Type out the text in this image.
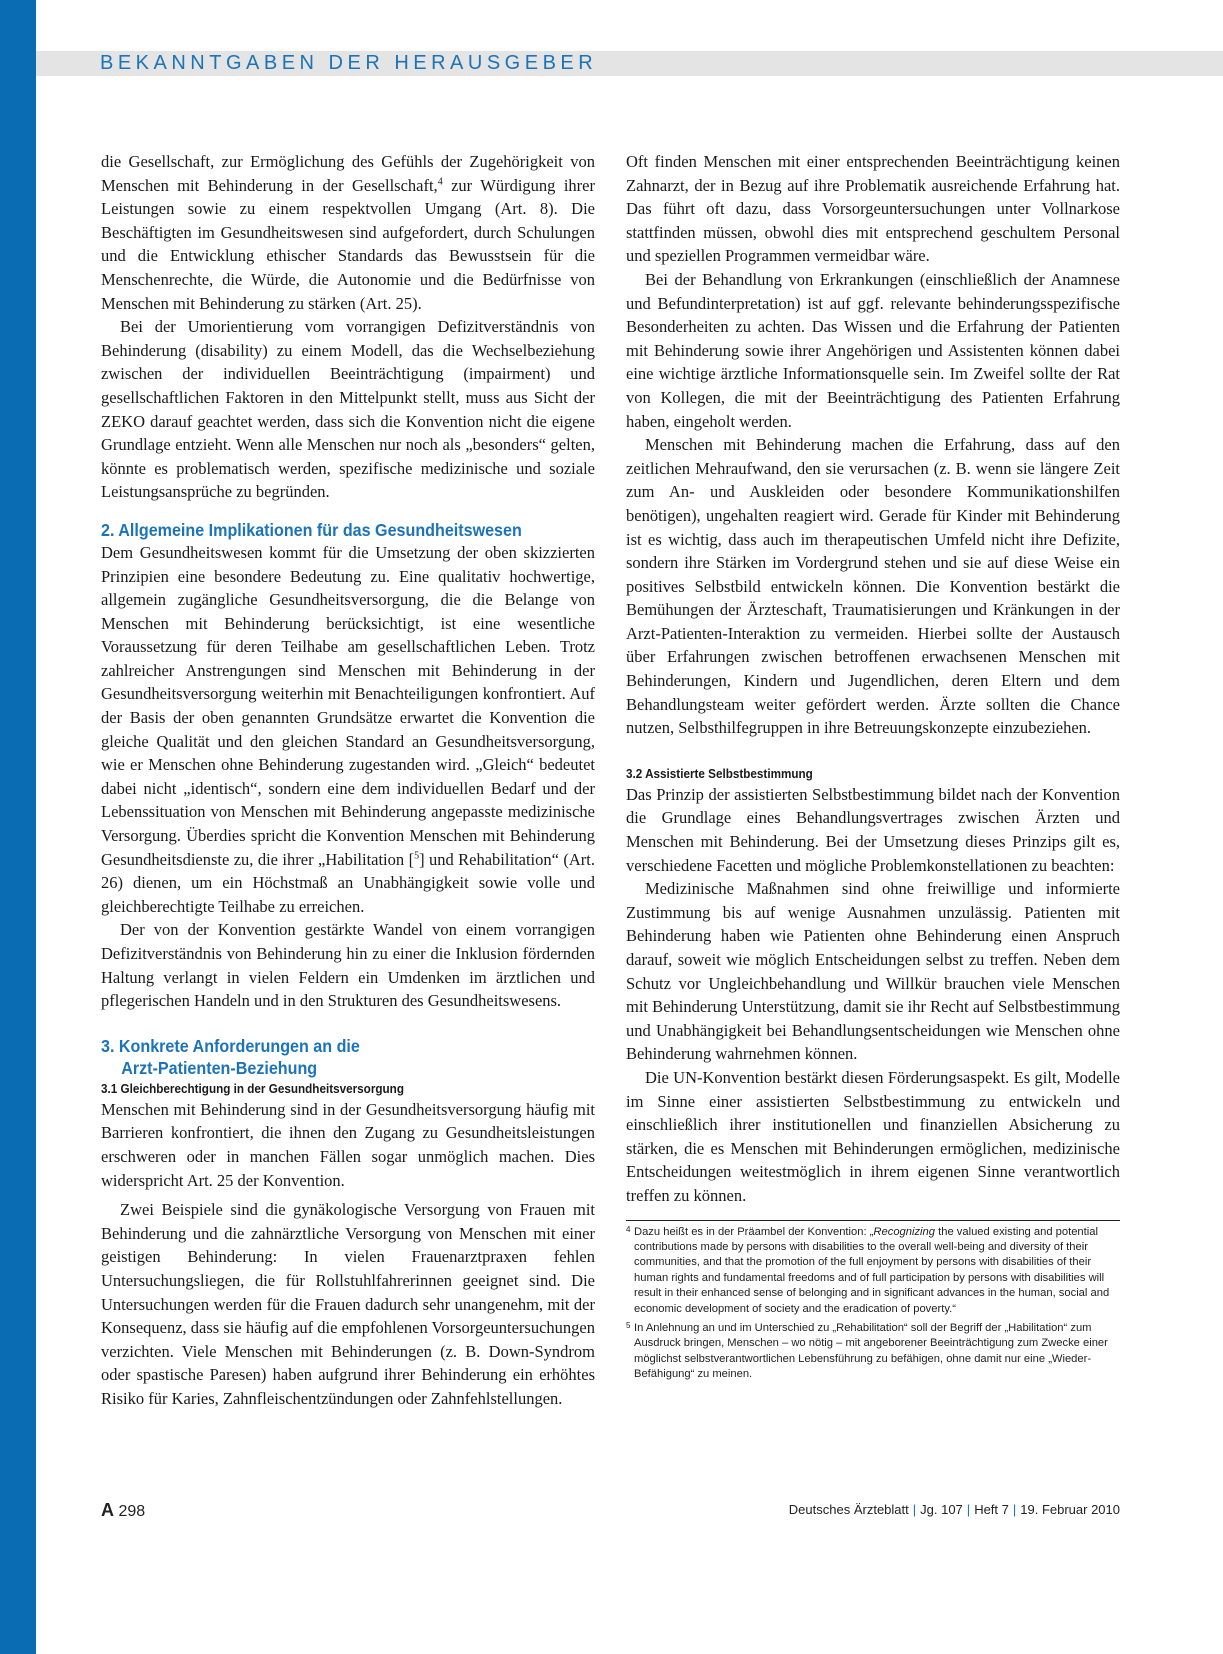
BEKANNTGABEN DER HERAUSGEBER

die Gesellschaft, zur Ermöglichung des Gefühls der Zugehörigkeit von Menschen mit Behinderung in der Gesellschaft,$^4$ zur Würdigung ihrer Leistungen sowie zu einem respektvollen Umgang (Art. 8). Die Beschäftigten im Gesundheitswesen sind aufgefordert, durch Schulungen und die Entwicklung ethischer Standards das Bewusstsein für die Menschenrechte, die Würde, die Autonomie und die Bedürfnisse von Menschen mit Behinderung zu stärken (Art. 25).

Bei der Umorientierung vom vorrangigen Defizitverständnis von Behinderung (disability) zu einem Modell, das die Wechselbeziehung zwischen der individuellen Beeinträchtigung (impairment) und gesellschaftlichen Faktoren in den Mittelpunkt stellt, muss aus Sicht der ZEKO darauf geachtet werden, dass sich die Konvention nicht die eigene Grundlage entzieht. Wenn alle Menschen nur noch als „besonders“ gelten, könnte es problematisch werden, spezifische medizinische und soziale Leistungsansprüche zu begründen.

2. Allgemeine Implikationen für das Gesundheitswesen

Dem Gesundheitswesen kommt für die Umsetzung der oben skizzierten Prinzipien eine besondere Bedeutung zu. Eine qualitativ hochwertige, allgemein zugängliche Gesundheitsversorgung, die die Belange von Menschen mit Behinderung berücksichtigt, ist eine wesentliche Voraussetzung für deren Teilhabe am gesellschaftlichen Leben. Trotz zahlreicher Anstrengungen sind Menschen mit Behinderung in der Gesundheitsversorgung weiterhin mit Benachteiligungen konfrontiert. Auf der Basis der oben genannten Grundsätze erwartet die Konvention die gleiche Qualität und den gleichen Standard an Gesundheitsversorgung, wie er Menschen ohne Behinderung zugestanden wird. „Gleich“ bedeutet dabei nicht „identisch“, sondern eine dem individuellen Bedarf und der Lebenssituation von Menschen mit Behinderung angepasste medizinische Versorgung. Überdies spricht die Konvention Menschen mit Behinderung Gesundheitsdienste zu, die ihrer „Habilitation [$^5$] und Rehabilitation“ (Art. 26) dienen, um ein Höchstmaß an Unabhängigkeit sowie volle und gleichberechtigte Teilhabe zu erreichen.

Der von der Konvention gestärkte Wandel von einem vorrangigen Defizitverständnis von Behinderung hin zu einer die Inklusion fördernden Haltung verlangt in vielen Feldern ein Umdenken im ärztlichen und pflegerischen Handeln und in den Strukturen des Gesundheitswesens.

3. Konkrete Anforderungen an die
Arzt-Patienten-Beziehung
3.1 Gleichberechtigung in der Gesundheitsversorgung

Menschen mit Behinderung sind in der Gesundheitsversorgung häufig mit Barrieren konfrontiert, die ihnen den Zugang zu Gesundheitsleistungen erschweren oder in manchen Fällen sogar unmöglich machen. Dies widerspricht Art. 25 der Konvention.

Zwei Beispiele sind die gynäkologische Versorgung von Frauen mit Behinderung und die zahnärztliche Versorgung von Menschen mit einer geistigen Behinderung: In vielen Frauenarztpraxen fehlen Untersuchungsliegen, die für Rollstuhlfahrerinnen geeignet sind. Die Untersuchungen werden für die Frauen dadurch sehr unangenehm, mit der Konsequenz, dass sie häufig auf die empfohlenen Vorsorgeuntersuchungen verzichten. Viele Menschen mit Behinderungen (z. B. Down-Syndrom oder spastische Paresen) haben aufgrund ihrer Behinderung ein erhöhtes Risiko für Karies, Zahnfleischentzündungen oder Zahnfehlstellungen.

Oft finden Menschen mit einer entsprechenden Beeinträchtigung keinen Zahnarzt, der in Bezug auf ihre Problematik ausreichende Erfahrung hat. Das führt oft dazu, dass Vorsorgeuntersuchungen unter Vollnarkose stattfinden müssen, obwohl dies mit entsprechend geschultem Personal und speziellen Programmen vermeidbar wäre.

Bei der Behandlung von Erkrankungen (einschließlich der Anamnese und Befundinterpretation) ist auf ggf. relevante behinderungsspezifische Besonderheiten zu achten. Das Wissen und die Erfahrung der Patienten mit Behinderung sowie ihrer Angehörigen und Assistenten können dabei eine wichtige ärztliche Informationsquelle sein. Im Zweifel sollte der Rat von Kollegen, die mit der Beeinträchtigung des Patienten Erfahrung haben, eingeholt werden.

Menschen mit Behinderung machen die Erfahrung, dass auf den zeitlichen Mehraufwand, den sie verursachen (z. B. wenn sie längere Zeit zum An- und Auskleiden oder besondere Kommunikationshilfen benötigen), ungehalten reagiert wird. Gerade für Kinder mit Behinderung ist es wichtig, dass auch im therapeutischen Umfeld nicht ihre Defizite, sondern ihre Stärken im Vordergrund stehen und sie auf diese Weise ein positives Selbstbild entwickeln können. Die Konvention bestärkt die Bemühungen der Ärzteschaft, Traumatisierungen und Kränkungen in der Arzt-Patienten-Interaktion zu vermeiden. Hierbei sollte der Austausch über Erfahrungen zwischen betroffenen erwachsenen Menschen mit Behinderungen, Kindern und Jugendlichen, deren Eltern und dem Behandlungsteam weiter gefördert werden. Ärzte sollten die Chance nutzen, Selbsthilfegruppen in ihre Betreuungskonzepte einzubeziehen.

3.2 Assistierte Selbstbestimmung

Das Prinzip der assistierten Selbstbestimmung bildet nach der Konvention die Grundlage eines Behandlungsvertrages zwischen Ärzten und Menschen mit Behinderung. Bei der Umsetzung dieses Prinzips gilt es, verschiedene Facetten und mögliche Problemkonstellationen zu beachten:

Medizinische Maßnahmen sind ohne freiwillige und informierte Zustimmung bis auf wenige Ausnahmen unzulässig. Patienten mit Behinderung haben wie Patienten ohne Behinderung einen Anspruch darauf, soweit wie möglich Entscheidungen selbst zu treffen. Neben dem Schutz vor Ungleichbehandlung und Willkür brauchen viele Menschen mit Behinderung Unterstützung, damit sie ihr Recht auf Selbstbestimmung und Unabhängigkeit bei Behandlungsentscheidungen wie Menschen ohne Behinderung wahrnehmen können.

Die UN-Konvention bestärkt diesen Förderungsaspekt. Es gilt, Modelle im Sinne einer assistierten Selbstbestimmung zu entwickeln und einschließlich ihrer institutionellen und finanziellen Absicherung zu stärken, die es Menschen mit Behinderungen ermöglichen, medizinische Entscheidungen weitestmöglich in ihrem eigenen Sinne verantwortlich treffen zu können.

4 Dazu heißt es in der Präambel der Konvention: „Recognizing the valued existing and potential contributions made by persons with disabilities to the overall well-being and diversity of their communities, and that the promotion of the full enjoyment by persons with disabilities of their human rights and fundamental freedoms and of full participation by persons with disabilities will result in their enhanced sense of belonging and in significant advances in the human, social and economic development of society and the eradication of poverty.“
5 In Anlehnung an und im Unterschied zu „Rehabilitation“ soll der Begriff der „Habilitation“ zum Ausdruck bringen, Menschen – wo nötig – mit angeborener Beeinträchtigung zum Zwecke einer möglichst selbstverantwortlichen Lebensführung zu befähigen, ohne damit nur eine „Wieder-Befähigung“ zu meinen.
A 298	Deutsches Ärzteblatt | Jg. 107 | Heft 7 | 19. Februar 2010
